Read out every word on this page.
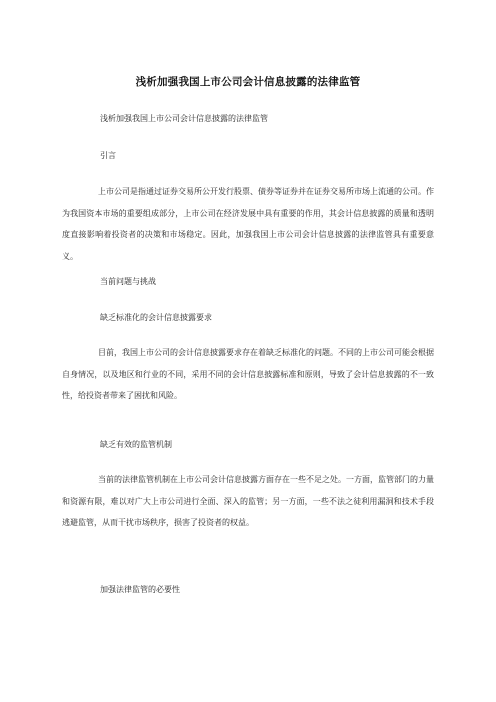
浅析加强我国上市公司会计信息披露的法律监管
浅析加强我国上市公司会计信息披露的法律监管
引言
上市公司是指通过证券交易所公开发行股票、债券等证券并在证券交易所市场上流通的公司。作为我国资本市场的重要组成部分，上市公司在经济发展中具有重要的作用，其会计信息披露的质量和透明度直接影响着投资者的决策和市场稳定。因此，加强我国上市公司会计信息披露的法律监管具有重要意义。
当前问题与挑战
缺乏标准化的会计信息披露要求
目前，我国上市公司的会计信息披露要求存在着缺乏标准化的问题。不同的上市公司可能会根据自身情况，以及地区和行业的不同，采用不同的会计信息披露标准和原则，导致了会计信息披露的不一致性，给投资者带来了困扰和风险。
缺乏有效的监管机制
当前的法律监管机制在上市公司会计信息披露方面存在一些不足之处。一方面，监管部门的力量和资源有限，难以对广大上市公司进行全面、深入的监管；另一方面，一些不法之徒利用漏洞和技术手段逃避监管，从而干扰市场秩序，损害了投资者的权益。
加强法律监管的必要性
